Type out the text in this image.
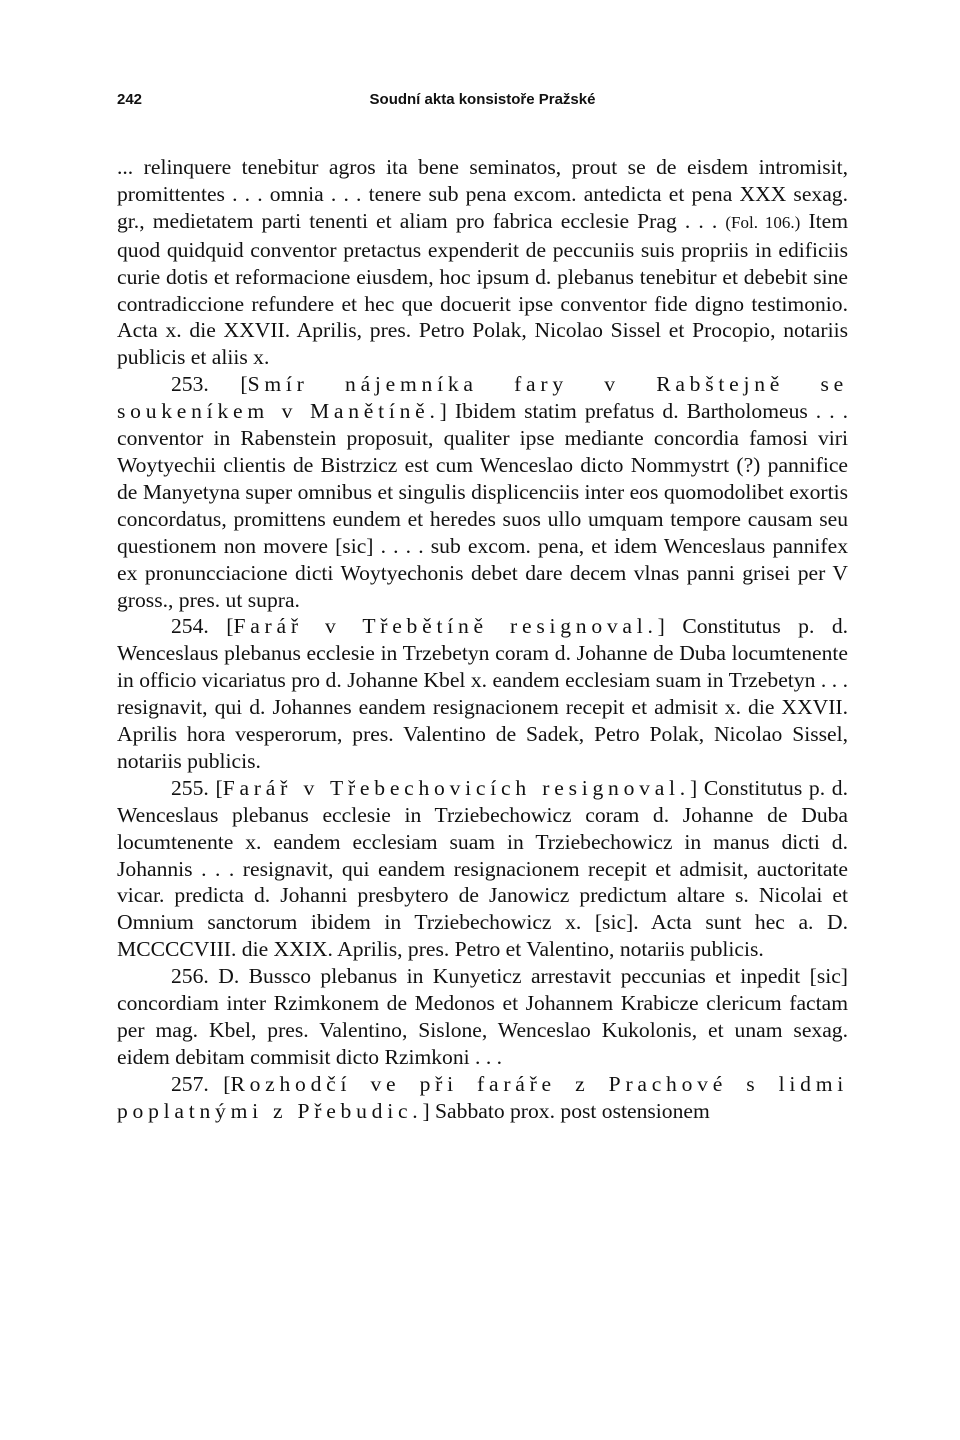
242	Soudní akta konsistoře Pražské

... relinquere tenebitur agros ita bene seminatos, prout se de eisdem intromisit, promittentes . . . omnia . . . tenere sub pena excom. antedicta et pena XXX sexag. gr., medietatem parti tenenti et aliam pro fabrica ecclesie Prag . . . (Fol. 106.) Item quod quidquid conventor pretactus expenderit de peccuniis suis propriis in edificiis curie dotis et reformacione eiusdem, hoc ipsum d. plebanus tenebitur et debebit sine contradiccione refundere et hec que docuerit ipse conventor fide digno testimonio. Acta x. die XXVII. Aprilis, pres. Petro Polak, Nicolao Sissel et Procopio, notariis publicis et aliis x.

253. [Smír nájemníka fary v Rabštejně se soukeníkem v Manětíně.] Ibidem statim prefatus d. Bartholomeus . . . conventor in Rabenstein proposuit, qualiter ipse mediante concordia famosi viri Woytyechii clientis de Bistrzicz est cum Wenceslao dicto Nommystrt (?) pannifice de Manyetyna super omnibus et singulis displicenciis inter eos quomodolibet exortis concordatus, promittens eundem et heredes suos ullo umquam tempore causam seu questionem non movere [sic] . . . . sub excom. pena, et idem Wenceslaus pannifex ex pronuncciacione dicti Woytyechonis debet dare decem vlnas panni grisei per V gross., pres. ut supra.

254. [Farář v Třebětíně resignoval.] Constitutus p. d. Wenceslaus plebanus ecclesie in Trzebetyn coram d. Johanne de Duba locumtenente in officio vicariatus pro d. Johanne Kbel x. eandem ecclesiam suam in Trzebetyn . . . resignavit, qui d. Johannes eandem resignacionem recepit et admisit x. die XXVII. Aprilis hora vesperorum, pres. Valentino de Sadek, Petro Polak, Nicolao Sissel, notariis publicis.

255. [Farář v Třebechovicích resignoval.] Constitutus p. d. Wenceslaus plebanus ecclesie in Trziebechowicz coram d. Johanne de Duba locumtenente x. eandem ecclesiam suam in Trziebechowicz in manus dicti d. Johannis . . . resignavit, qui eandem resignacionem recepit et admisit, auctoritate vicar. predicta d. Johanni presbytero de Janowicz predictum altare s. Nicolai et Omnium sanctorum ibidem in Trziebechowicz x. [sic]. Acta sunt hec a. D. MCCCCVIII. die XXIX. Aprilis, pres. Petro et Valentino, notariis publicis.

256. D. Bussco plebanus in Kunyeticz arrestavit peccunias et inpedit [sic] concordiam inter Rzimkonem de Medonos et Johannem Krabicze clericum factam per mag. Kbel, pres. Valentino, Sislone, Wenceslao Kukolonis, et unam sexag. eidem debitam commisit dicto Rzimkoni . . .

257. [Rozhodčí ve při faráře z Prachové s lidmi poplatnými z Přebudic.] Sabbato prox. post ostensionem
